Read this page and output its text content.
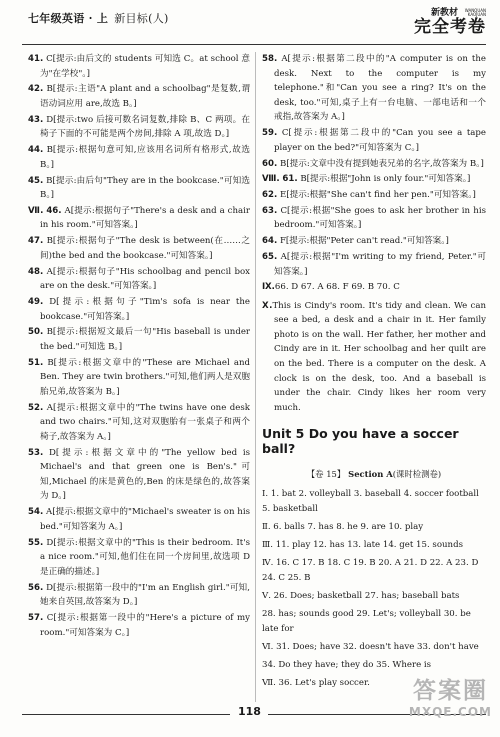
七年级英语 · 上 新目标(人)	新教材 WANQUAN KAOJUAN
完全考卷
41. C[提示:由后文的 students 可知选 C。at school 意为"在学校"。]
42. B[提示:主语"A plant and a schoolbag"是复数,谓语动词应用 are,故选 B。]
43. D[提示:two 后接可数名词复数,排除 B、C 两项。在椅子下面的不可能是两个房间,排除 A 项,故选 D。]
44. B[提示:根据句意可知,应该用名词所有格形式,故选 B。]
45. B[提示:由后句"They are in the bookcase."可知选 B。]
Ⅶ. 46. A[提示:根据句子"There's a desk and a chair in his room."可知答案。]
47. B[提示:根据句子"The desk is between(在……之间)the bed and the bookcase."可知答案。]
48. A[提示:根据句子"His schoolbag and pencil box are on the desk."可知答案。]
49. D[提示:根据句子"Tim's sofa is near the bookcase."可知答案。]
50. B[提示:根据短文最后一句"His baseball is under the bed."可知选 B。]
51. B[提示:根据文章中的"These are Michael and Ben. They are twin brothers."可知,他们两人是双胞胎兄弟,故答案为 B。]
52. A[提示:根据文章中的"The twins have one desk and two chairs."可知,这对双胞胎有一张桌子和两个椅子,故答案为 A。]
53. D[提示:根据文章中的"The yellow bed is Michael's and that green one is Ben's."可知,Michael 的床是黄色的,Ben 的床是绿色的,故答案为 D。]
54. A[提示:根据文章中的"Michael's sweater is on his bed."可知答案为 A。]
55. D[提示:根据文章中的"This is their bedroom. It's a nice room."可知,他们住在同一个房间里,故选项 D 是正确的描述。]
56. D[提示:根据第一段中的"I'm an English girl."可知,她来自英国,故答案为 D。]
57. C[提示:根据第一段中的"Here's a picture of my room."可知答案为 C。]
58. A[提示:根据第二段中的"A computer is on the desk. Next to the computer is my telephone."和"Can you see a ring? It's on the desk, too."可知,桌子上有一台电脑、一部电话和一个戒指,故答案为 A。]
59. C[提示:根据第二段中的"Can you see a tape player on the bed?"可知答案为 C。]
60. B[提示:文章中没有提到她表兄弟的名字,故答案为 B。]
Ⅷ. 61. B[提示:根据"John is only four."可知答案。]
62. E[提示:根据"She can't find her pen."可知答案。]
63. C[提示:根据"She goes to ask her brother in his bedroom."可知答案。]
64. F[提示:根据"Peter can't read."可知答案。]
65. A[提示:根据"I'm writing to my friend, Peter."可知答案。]
Ⅸ.66. D 67. A 68. F 69. B 70. C
Ⅹ.This is Cindy's room. It's tidy and clean. We can see a bed, a desk and a chair in it. Her family photo is on the wall. Her father, her mother and Cindy are in it. Her schoolbag and her quilt are on the bed. There is a computer on the desk. A clock is on the desk, too. And a baseball is under the chair. Cindy likes her room very much.
Unit 5 Do you have a soccer ball?
【卷 15】 Section A(课时检测卷)
Ⅰ. 1. bat 2. volleyball 3. baseball 4. soccer football 5. basketball
Ⅱ. 6. balls 7. has 8. he 9. are 10. play
Ⅲ. 11. play 12. has 13. late 14. get 15. sounds
Ⅳ. 16. C 17. B 18. C 19. B 20. A 21. D 22. A 23. D 24. C 25. B
Ⅴ. 26. Does; basketball 27. has; baseball bats
28. has; sounds good 29. Let's; volleyball 30. be late for
Ⅵ. 31. Does; have 32. doesn't have 33. don't have
34. Do they have; they do 35. Where is
Ⅶ. 36. Let's play soccer.
118
答案圈
MXQE.COM
